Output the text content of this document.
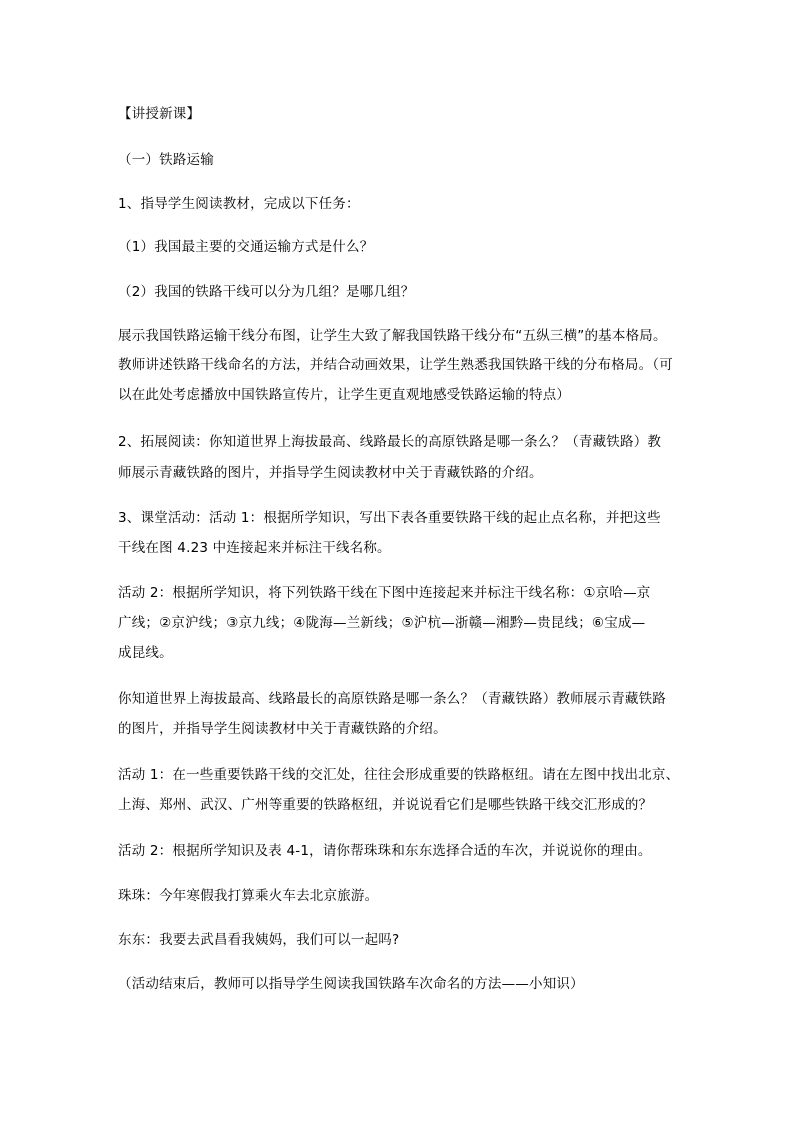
【讲授新课】
（一）铁路运输
1、指导学生阅读教材，完成以下任务：
（1）我国最主要的交通运输方式是什么？
（2）我国的铁路干线可以分为几组？是哪几组？
展示我国铁路运输干线分布图，让学生大致了解我国铁路干线分布“五纵三横”的基本格局。
教师讲述铁路干线命名的方法，并结合动画效果，让学生熟悉我国铁路干线的分布格局。（可
以在此处考虑播放中国铁路宣传片，让学生更直观地感受铁路运输的特点）
2、拓展阅读：你知道世界上海拔最高、线路最长的高原铁路是哪一条么？（青藏铁路）教
师展示青藏铁路的图片，并指导学生阅读教材中关于青藏铁路的介绍。
3、课堂活动：活动 1：根据所学知识，写出下表各重要铁路干线的起止点名称，并把这些
干线在图 4.23 中连接起来并标注干线名称。
活动 2：根据所学知识，将下列铁路干线在下图中连接起来并标注干线名称：①京哈—京
广线；②京沪线；③京九线；④陇海—兰新线；⑤沪杭—浙赣—湘黔—贵昆线；⑥宝成—
成昆线。
你知道世界上海拔最高、线路最长的高原铁路是哪一条么？（青藏铁路）教师展示青藏铁路
的图片，并指导学生阅读教材中关于青藏铁路的介绍。
活动 1：在一些重要铁路干线的交汇处，往往会形成重要的铁路枢纽。请在左图中找出北京、
上海、郑州、武汉、广州等重要的铁路枢纽，并说说看它们是哪些铁路干线交汇形成的？
活动 2：根据所学知识及表 4-1，请你帮珠珠和东东选择合适的车次，并说说你的理由。
珠珠：今年寒假我打算乘火车去北京旅游。
东东：我要去武昌看我姨妈，我们可以一起吗?
（活动结束后，教师可以指导学生阅读我国铁路车次命名的方法——小知识）
